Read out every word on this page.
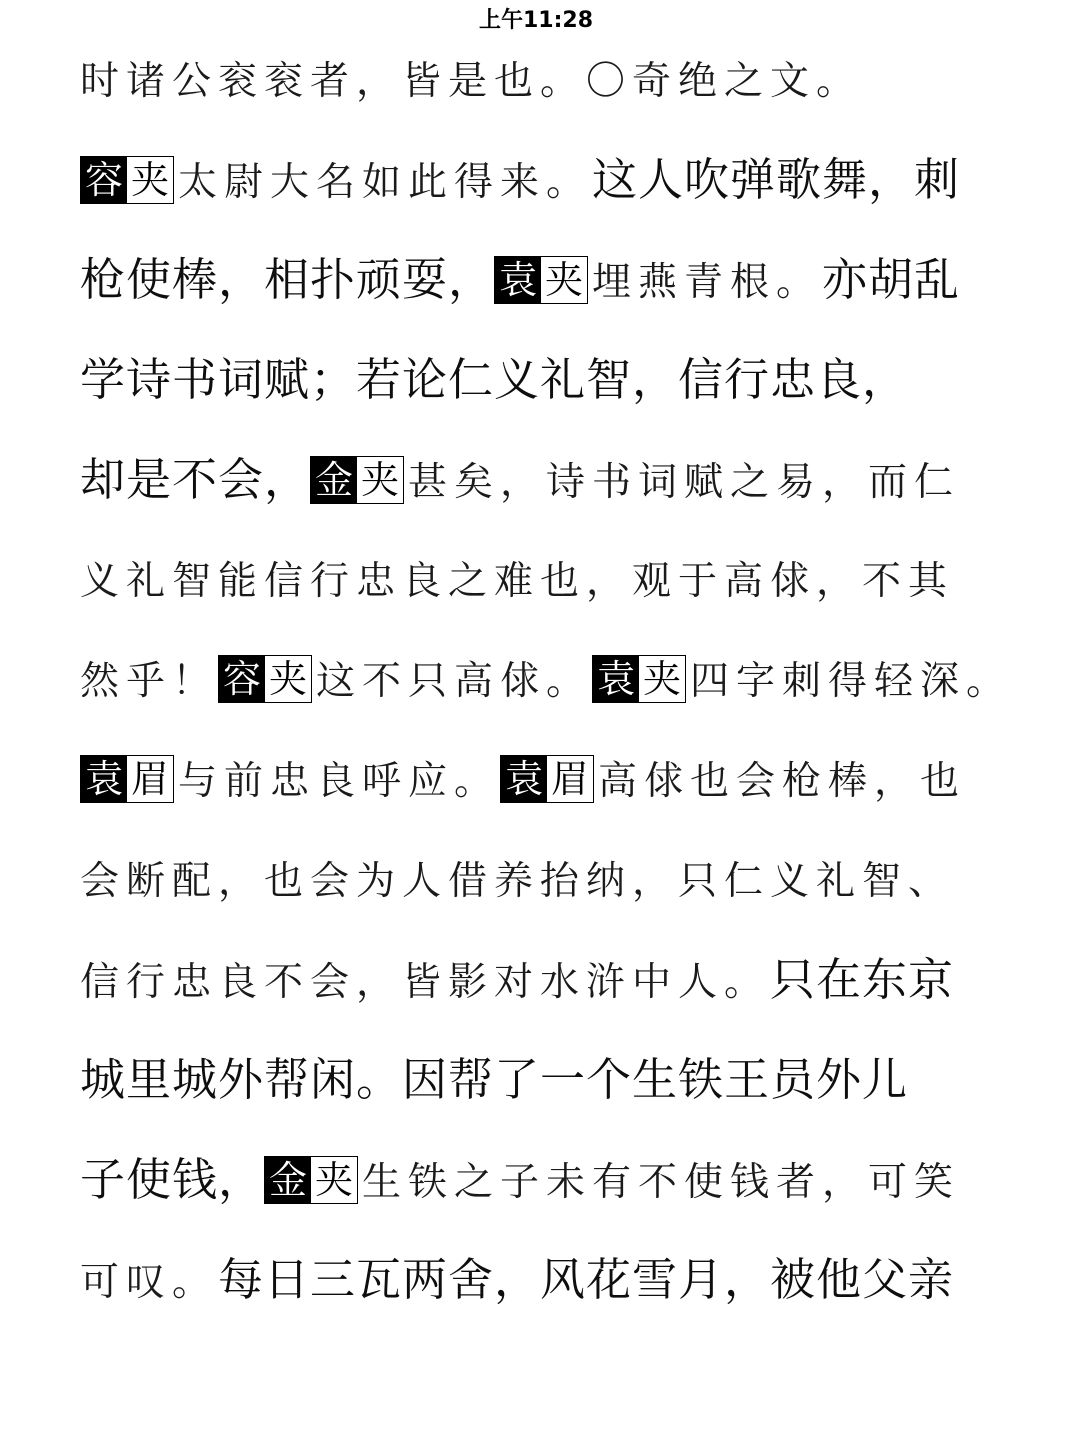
上午11:28
时诸公衮衮者，皆是也。〇奇绝之文。
容 夹 太尉大名如此得来。这人吹弹歌舞，刺
枪使棒，相扑顽耍， 袁 夹 埋燕青根。亦胡乱
学诗书词赋；若论仁义礼智，信行忠良，
却是不会， 金 夹 甚矣，诗书词赋之易，而仁
义礼智能信行忠良之难也，观于高俅，不其
然乎！ 容 夹 这不只高俅。 袁 夹 四字刺得轻深。
袁 眉 与前忠良呼应。 袁 眉 高俅也会枪棒，也
会断配，也会为人借养抬纳，只仁义礼智、
信行忠良不会，皆影对水浒中人。只在东京
城里城外帮闲。因帮了一个生铁王员外儿
子使钱， 金 夹 生铁之子未有不使钱者，可笑
可叹。每日三瓦两舍，风花雪月，被他父亲
